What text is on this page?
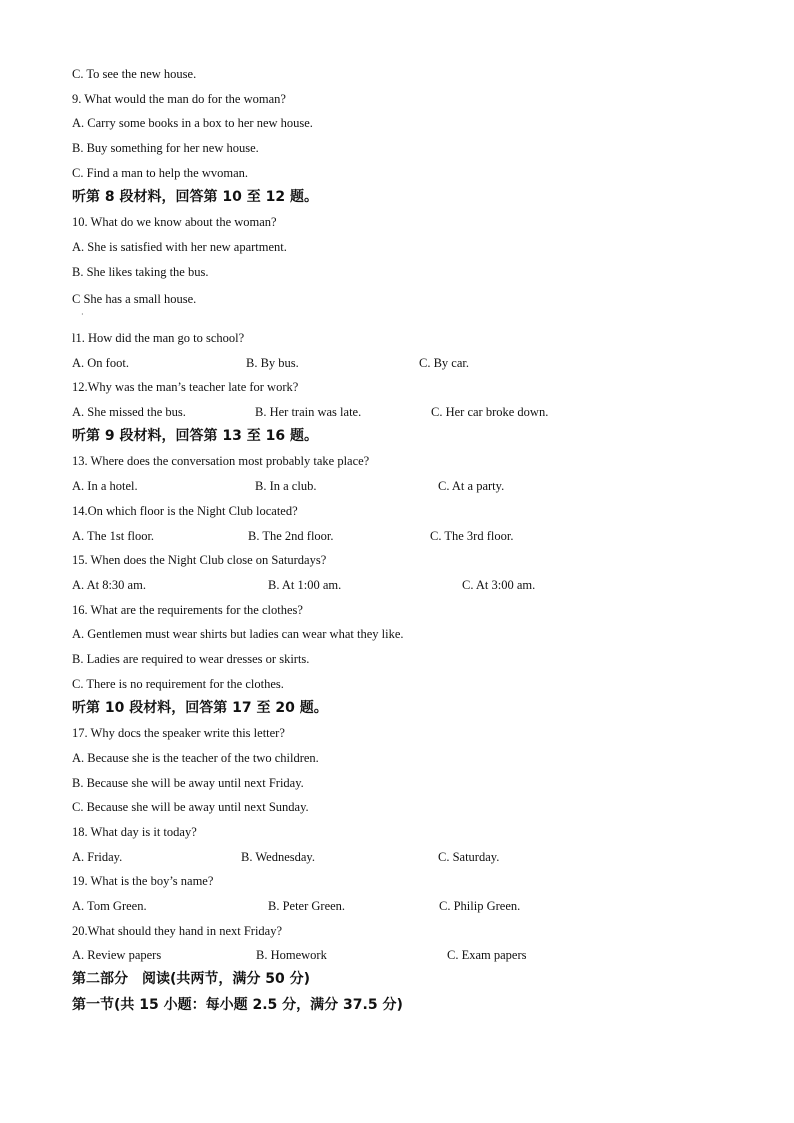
C. To see the new house.
9. What would the man do for the woman?
A. Carry some books in a box to her new house.
B. Buy something for her new house.
C. Find a man to help the wvoman.
听第 8 段材料，回答第 10 至 12 题。
10. What do we know about the woman?
A. She is satisfied with her new apartment.
B. She likes taking the bus.
C She has a small house.
·
l1. How did the man go to school?
A. On foot.	B. By bus.	C. By car.
12.Why was the man’s teacher late for work?
A. She missed the bus.	B. Her train was late.	C. Her car broke down.
听第 9 段材料，回答第 13 至 16 题。
13. Where does the conversation most probably take place?
A. In a hotel.	B. In a club.	C. At a party.
14.On which floor is the Night Club located?
A. The 1st floor.	B. The 2nd floor.	C. The 3rd floor.
15. When does the Night Club close on Saturdays?
A. At 8:30 am.	B. At 1:00 am.	C. At 3:00 am.
16. What are the requirements for the clothes?
A. Gentlemen must wear shirts but ladies can wear what they like.
B. Ladies are required to wear dresses or skirts.
C. There is no requirement for the clothes.
听第 10 段材料，回答第 17 至 20 题。
17. Why docs the speaker write this letter?
A. Because she is the teacher of the two children.
B. Because she will be away until next Friday.
C. Because she will be away until next Sunday.
18. What day is it today?
A. Friday.	B. Wednesday.	C. Saturday.
19. What is the boy’s name?
A. Tom Green.	B. Peter Green.	C. Philip Green.
20.What should they hand in next Friday?
A. Review papers	B. Homework	C. Exam papers
第二部分　阅读(共两节，满分 50 分)
第一节(共 15 小题：每小题 2.5 分，满分 37.5 分)
